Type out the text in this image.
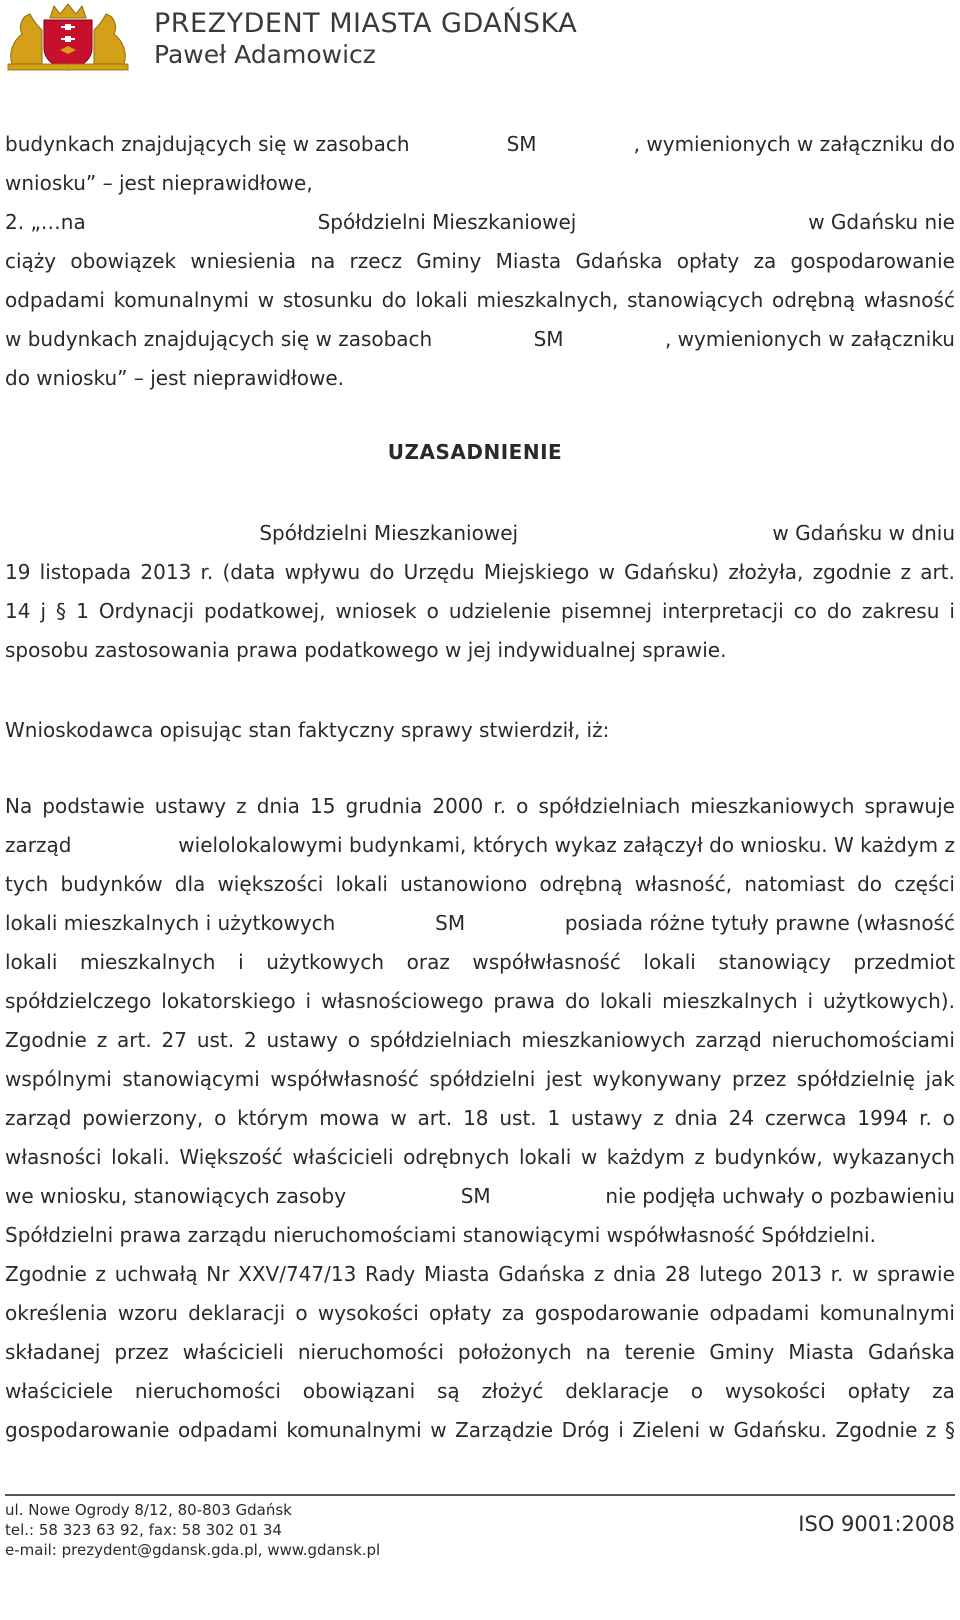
PREZYDENT MIASTA GDAŃSKA
Paweł Adamowicz
budynkach znajdujących się w zasobach	SM	, wymienionych w załączniku do
wniosku” – jest nieprawidłowe,
2. „…na	Spółdzielni Mieszkaniowej	w Gdańsku nie
ciąży obowiązek wniesienia na rzecz Gminy Miasta Gdańska opłaty za gospodarowanie
odpadami komunalnymi w stosunku do lokali mieszkalnych, stanowiących odrębną własność
w budynkach znajdujących się w zasobach	SM	, wymienionych w załączniku
do wniosku” – jest nieprawidłowe.
Spółdzielni Mieszkaniowej	w Gdańsku w dniu
19 listopada 2013 r. (data wpływu do Urzędu Miejskiego w Gdańsku) złożyła, zgodnie z art.
14 j § 1 Ordynacji podatkowej, wniosek o udzielenie pisemnej interpretacji co do zakresu i
sposobu zastosowania prawa podatkowego w jej indywidualnej sprawie.
Na podstawie ustawy z dnia 15 grudnia 2000 r. o spółdzielniach mieszkaniowych sprawuje
zarząd	wielolokalowymi budynkami, których wykaz załączył do wniosku. W każdym z
tych budynków dla większości lokali ustanowiono odrębną własność, natomiast do części
lokali mieszkalnych i użytkowych	SM	posiada różne tytuły prawne (własność
lokali mieszkalnych i użytkowych oraz współwłasność lokali stanowiący przedmiot
spółdzielczego lokatorskiego i własnościowego prawa do lokali mieszkalnych i użytkowych).
Zgodnie z art. 27 ust. 2 ustawy o spółdzielniach mieszkaniowych zarząd nieruchomościami
wspólnymi stanowiącymi współwłasność spółdzielni jest wykonywany przez spółdzielnię jak
zarząd powierzony, o którym mowa w art. 18 ust. 1 ustawy z dnia 24 czerwca 1994 r. o
własności lokali. Większość właścicieli odrębnych lokali w każdym z budynków, wykazanych
we wniosku, stanowiących zasoby	SM	nie podjęła uchwały o pozbawieniu
Spółdzielni prawa zarządu nieruchomościami stanowiącymi współwłasność Spółdzielni.
Zgodnie z uchwałą Nr XXV/747/13 Rady Miasta Gdańska z dnia 28 lutego 2013 r. w sprawie
określenia wzoru deklaracji o wysokości opłaty za gospodarowanie odpadami komunalnymi
składanej przez właścicieli nieruchomości położonych na terenie Gminy Miasta Gdańska
właściciele nieruchomości obowiązani są złożyć deklaracje o wysokości opłaty za
gospodarowanie odpadami komunalnymi w Zarządzie Dróg i Zieleni w Gdańsku. Zgodnie z §
UZASADNIENIE
Wnioskodawca opisując stan faktyczny sprawy stwierdził, iż:
ul. Nowe Ogrody 8/12, 80-803 Gdańsk
tel.: 58 323 63 92, fax: 58 302 01 34
e-mail: prezydent@gdansk.gda.pl, www.gdansk.pl
ISO 9001:2008
